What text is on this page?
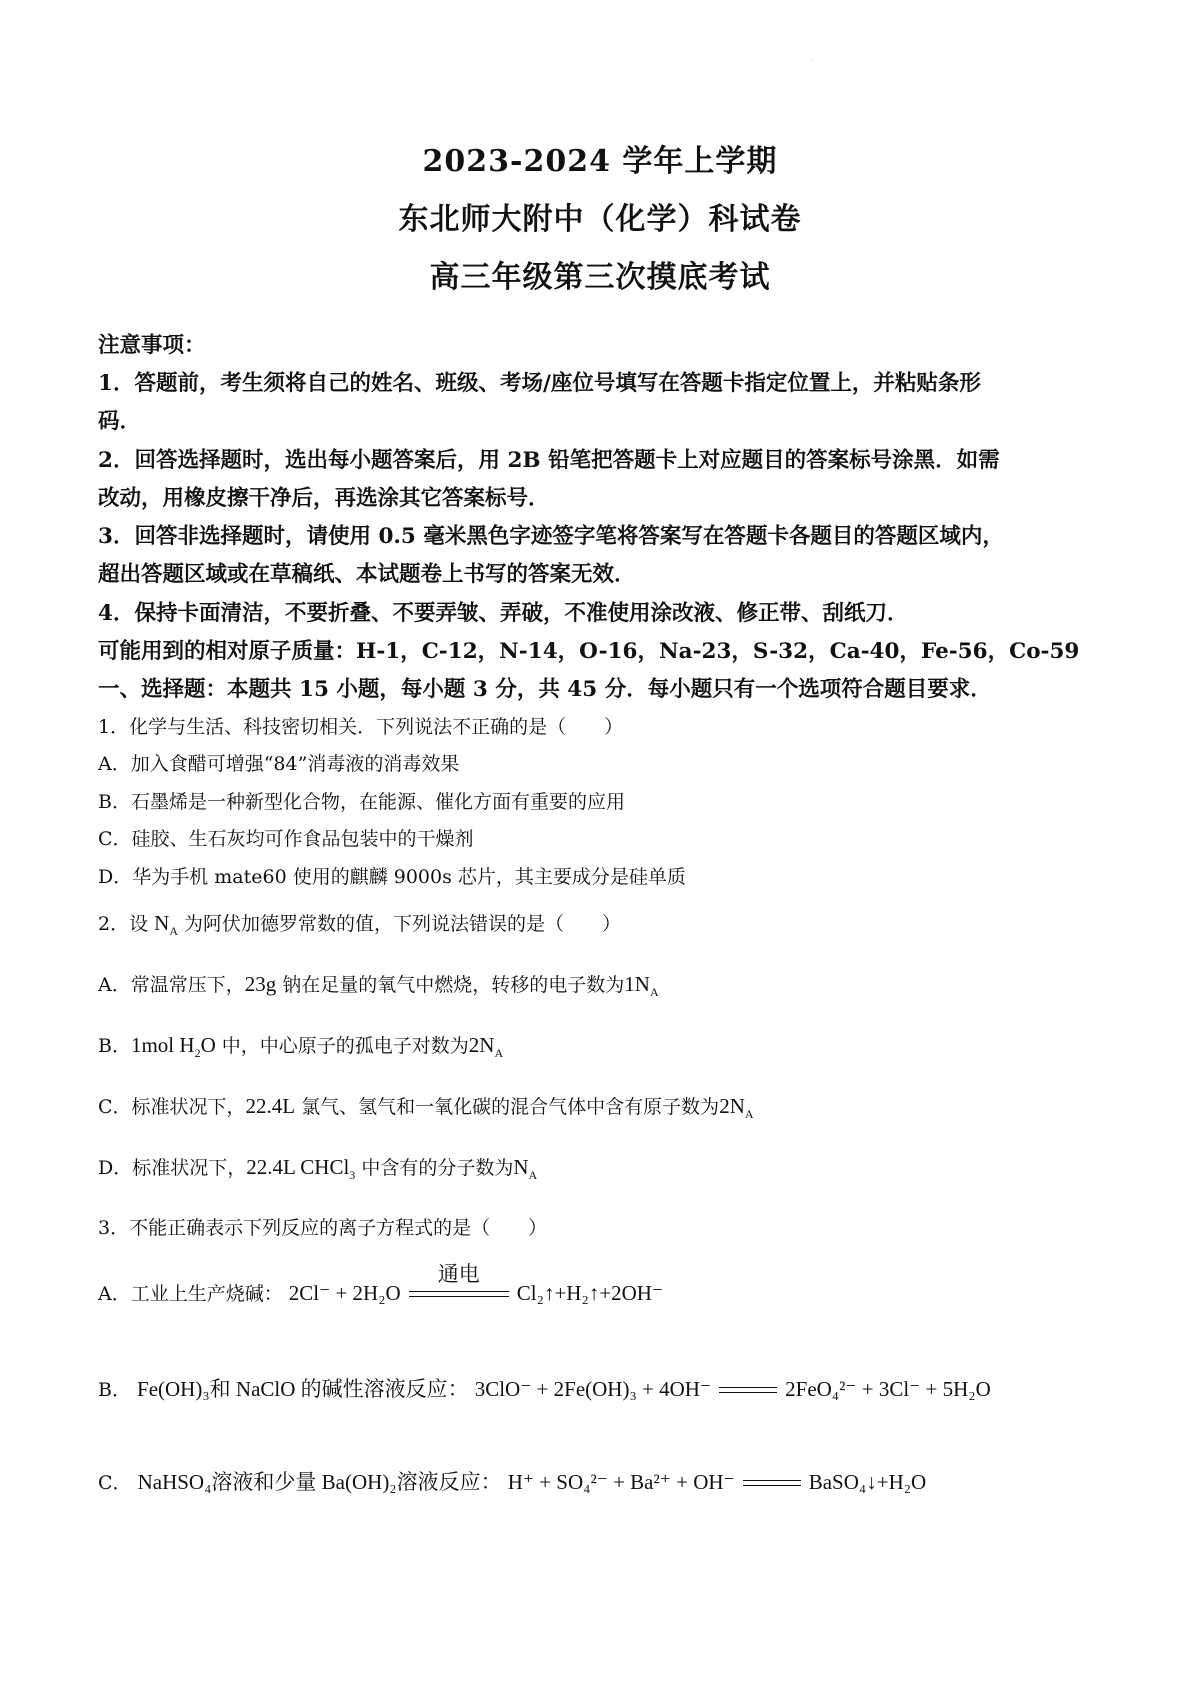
·
2023-2024 学年上学期
东北师大附中（化学）科试卷
高三年级第三次摸底考试
注意事项：
1．答题前，考生须将自己的姓名、班级、考场/座位号填写在答题卡指定位置上，并粘贴条形
码．
2．回答选择题时，选出每小题答案后，用 2B 铅笔把答题卡上对应题目的答案标号涂黑．如需
改动，用橡皮擦干净后，再选涂其它答案标号．
3．回答非选择题时，请使用 0.5 毫米黑色字迹签字笔将答案写在答题卡各题目的答题区域内，
超出答题区域或在草稿纸、本试题卷上书写的答案无效．
4．保持卡面清洁，不要折叠、不要弄皱、弄破，不准使用涂改液、修正带、刮纸刀．
可能用到的相对原子质量：H-1，C-12，N-14，O-16，Na-23，S-32，Ca-40，Fe-56，Co-59
一、选择题：本题共 15 小题，每小题 3 分，共 45 分．每小题只有一个选项符合题目要求．
1．化学与生活、科技密切相关．下列说法不正确的是（　　）
A．加入食醋可增强“84”消毒液的消毒效果
B．石墨烯是一种新型化合物，在能源、催化方面有重要的应用
C．硅胶、生石灰均可作食品包装中的干燥剂
D．华为手机 mate60 使用的麒麟 9000s 芯片，其主要成分是硅单质
2．设 $N_A$ 为阿伏加德罗常数的值，下列说法错误的是（　　）
A．常温常压下，23g 钠在足量的氧气中燃烧，转移的电子数为$1N_A$
B．1mol $H_2O$ 中，中心原子的孤电子对数为$2N_A$
C．标准状况下，22.4L 氯气、氢气和一氧化碳的混合气体中含有原子数为$2N_A$
D．标准状况下，22.4L CHCl$_3$ 中含有的分子数为$N_A$
3．不能正确表示下列反应的离子方程式的是（　　）
A．工业上生产烧碱： 2Cl⁻ + 2H₂O
通电
Cl₂↑+H₂↑+2OH⁻
B． Fe(OH)₃和 NaClO 的碱性溶液反应： 3ClO⁻ + 2Fe(OH)₃ + 4OH⁻	2FeO₄²⁻ + 3Cl⁻ + 5H₂O
C． NaHSO₄溶液和少量 Ba(OH)₂溶液反应： H⁺ + SO₄²⁻ + Ba²⁺ + OH⁻	BaSO₄↓+H₂O
